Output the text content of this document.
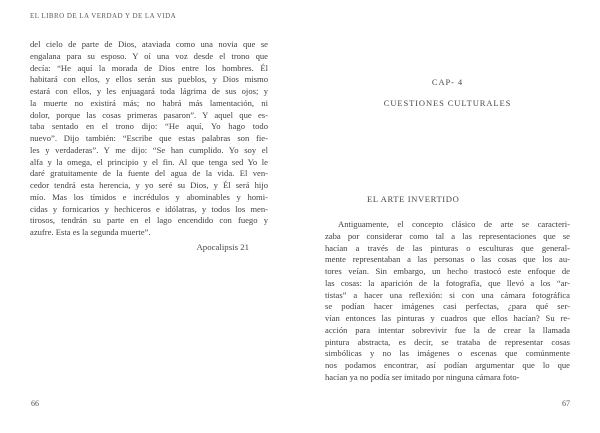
EL LIBRO DE LA VERDAD Y DE LA VIDA
del cielo de parte de Dios, ataviada como una novia que se
engalana para su esposo. Y oí una voz desde el trono que
decía: “He aquí la morada de Dios entre los hombres. Él
habitará con ellos, y ellos serán sus pueblos, y Dios mismo
estará con ellos, y les enjuagará toda lágrima de sus ojos; y
la muerte no existirá más; no habrá más lamentación, ni
dolor, porque las cosas primeras pasaron”. Y aquel que es-
taba sentado en el trono dijo: “He aquí, Yo hago todo
nuevo”. Dijo también: “Escribe que estas palabras son fie-
les y verdaderas”. Y me dijo: “Se han cumplido. Yo soy el
alfa y la omega, el principio y el fin. Al que tenga sed Yo le
daré gratuitamente de la fuente del agua de la vida. El ven-
cedor tendrá esta herencia, y yo seré su Dios, y Él será hijo
mío. Mas los tímidos e incrédulos y abominables y homi-
cidas y fornicarios y hechiceros e idólatras, y todos los men-
tirosos, tendrán su parte en el lago encendido con fuego y
azufre. Esta es la segunda muerte”.
Apocalipsis 21
66
CAP- 4
CUESTIONES CULTURALES
EL ARTE INVERTIDO
Antiguamente, el concepto clásico de arte se caracteri-
zaba por considerar como tal a las representaciones que se
hacían a través de las pinturas o esculturas que general-
mente representaban a las personas o las cosas que los au-
tores veían. Sin embargo, un hecho trastocó este enfoque de
las cosas: la aparición de la fotografía, que llevó a los “ar-
tistas” a hacer una reflexión: si con una cámara fotográfica
se podían hacer imágenes casi perfectas, ¿para qué ser-
vían entonces las pinturas y cuadros que ellos hacían? Su re-
acción para intentar sobrevivir fue la de crear la llamada
pintura abstracta, es decir, se trataba de representar cosas
simbólicas y no las imágenes o escenas que comúnmente
nos podamos encontrar, así podían argumentar que lo que
hacían ya no podía ser imitado por ninguna cámara foto-
67
